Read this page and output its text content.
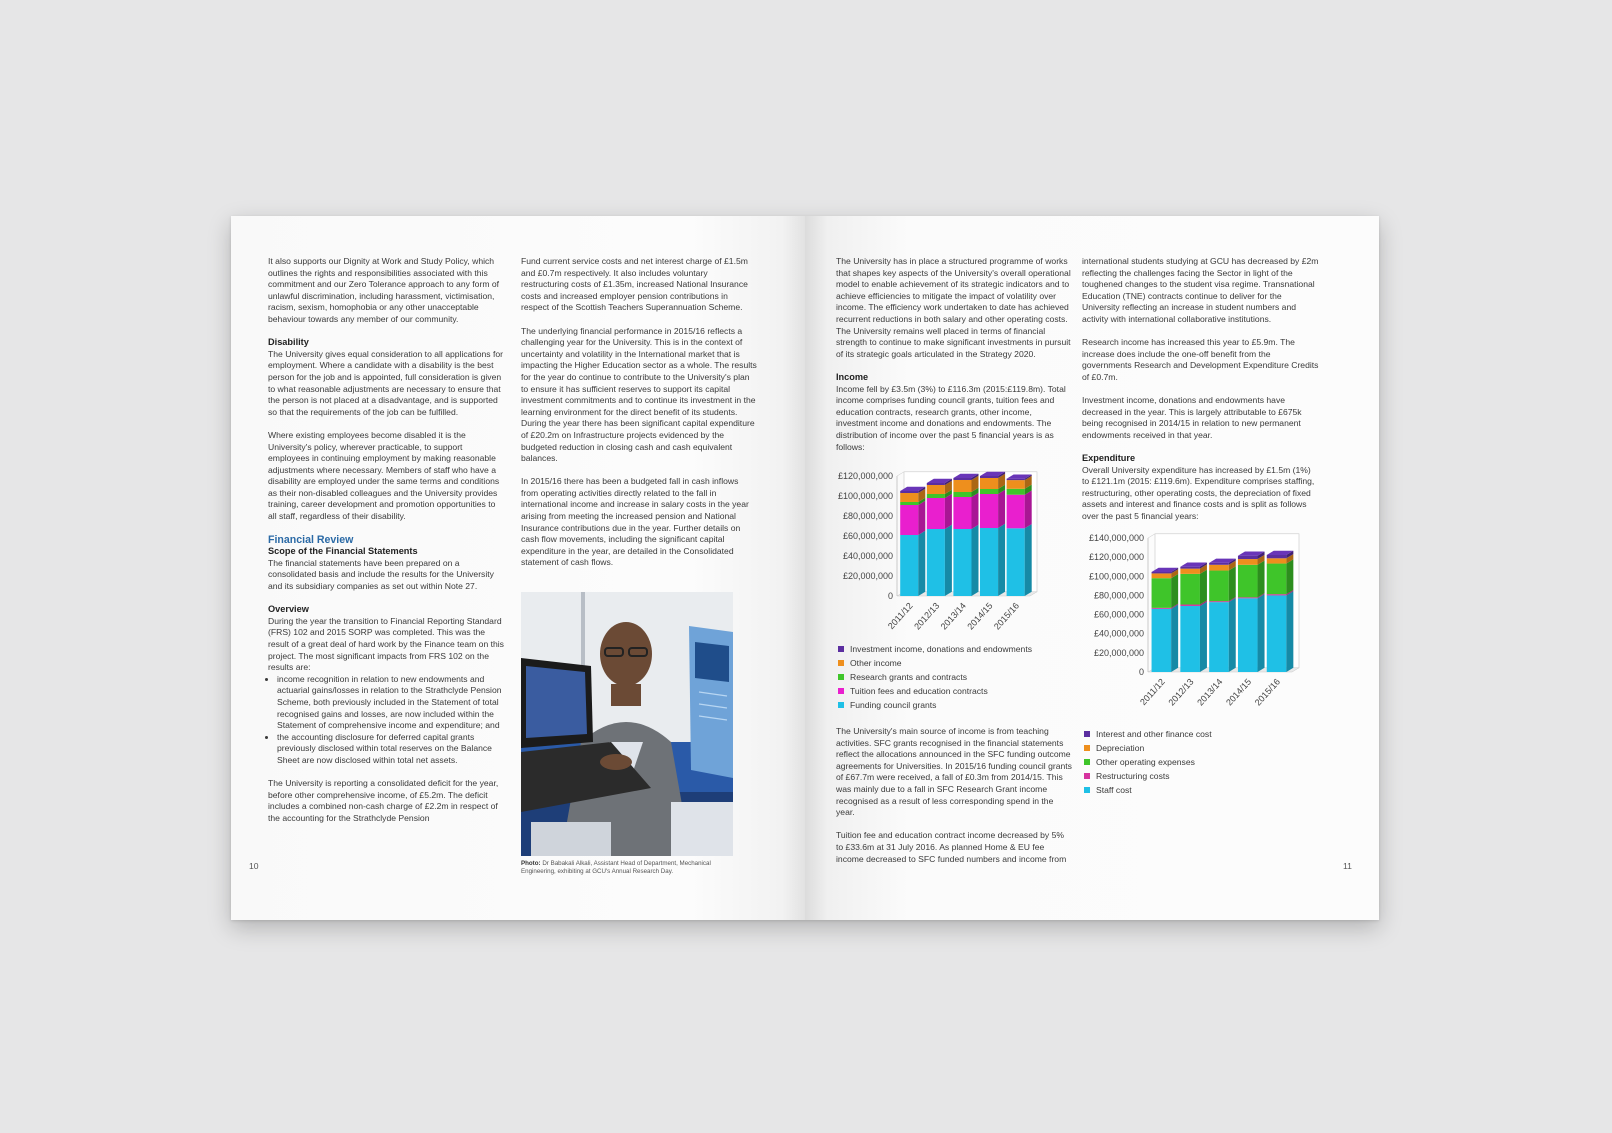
It also supports our Dignity at Work and Study Policy, which outlines the rights and responsibilities associated with this commitment and our Zero Tolerance approach to any form of unlawful discrimination, including harassment, victimisation, racism, sexism, homophobia or any other unacceptable behaviour towards any member of our community.

Disability

The University gives equal consideration to all applications for employment. Where a candidate with a disability is the best person for the job and is appointed, full consideration is given to what reasonable adjustments are necessary to ensure that the person is not placed at a disadvantage, and is supported so that the requirements of the job can be fulfilled.

Where existing employees become disabled it is the University's policy, wherever practicable, to support employees in continuing employment by making reasonable adjustments where necessary. Members of staff who have a disability are employed under the same terms and conditions as their non-disabled colleagues and the University provides training, career development and promotion opportunities to all staff, regardless of their disability.

Financial Review
Scope of the Financial Statements

The financial statements have been prepared on a consolidated basis and include the results for the University and its subsidiary companies as set out within Note 27.

Overview
During the year the transition to Financial Reporting Standard (FRS) 102 and 2015 SORP was completed. This was the result of a great deal of hard work by the Finance team on this project. The most significant impacts from FRS 102 on the results are:
• income recognition in relation to new endowments and actuarial gains/losses in relation to the Strathclyde Pension Scheme, both previously included in the Statement of total recognised gains and losses, are now included within the Statement of comprehensive income and expenditure; and
• the accounting disclosure for deferred capital grants previously disclosed within total reserves on the Balance Sheet are now disclosed within total net assets.

The University is reporting a consolidated deficit for the year, before other comprehensive income, of £5.2m. The deficit includes a combined non-cash charge of £2.2m in respect of the accounting for the Strathclyde Pension

Fund current service costs and net interest charge of £1.5m and £0.7m respectively. It also includes voluntary restructuring costs of £1.35m, increased National Insurance costs and increased employer pension contributions in respect of the Scottish Teachers Superannuation Scheme.

The underlying financial performance in 2015/16 reflects a challenging year for the University. This is in the context of uncertainty and volatility in the International market that is impacting the Higher Education sector as a whole. The results for the year do continue to contribute to the University's plan to ensure it has sufficient reserves to support its capital investment commitments and to continue its investment in the learning environment for the direct benefit of its students. During the year there has been significant capital expenditure of £20.2m on Infrastructure projects evidenced by the budgeted reduction in closing cash and cash equivalent balances.

In 2015/16 there has been a budgeted fall in cash inflows from operating activities directly related to the fall in international income and increase in salary costs in the year arising from meeting the increased pension and National Insurance contributions due in the year. Further details on cash flow movements, including the significant capital expenditure in the year, are detailed in the Consolidated statement of cash flows.

Photo: Dr Babakali Alkali, Assistant Head of Department, Mechanical Engineering, exhibiting at GCU's Annual Research Day.
10

The University has in place a structured programme of works that shapes key aspects of the University's overall operational model to enable achievement of its strategic indicators and to achieve efficiencies to mitigate the impact of volatility over income. The efficiency work undertaken to date has achieved recurrent reductions in both salary and other operating costs. The University remains well placed in terms of financial strength to continue to make significant investments in pursuit of its strategic goals articulated in the Strategy 2020.

Income
Income fell by £3.5m (3%) to £116.3m (2015:£119.8m). Total income comprises funding council grants, tuition fees and education contracts, research grants, other income, investment income and donations and endowments. The distribution of income over the past 5 financial years is as follows:
0
£20,000,000
£40,000,000
£60,000,000
£80,000,000
£100,000,000
£120,000,000
2011/12
2012/13
2013/14
2014/15
2015/16
Investment income, donations and endowments
Other income
Research grants and contracts
Tuition fees and education contracts
Funding council grants

The University's main source of income is from teaching activities. SFC grants recognised in the financial statements reflect the allocations announced in the SFC funding outcome agreements for Universities. In 2015/16 funding council grants of £67.7m were received, a fall of £0.3m from 2014/15. This was mainly due to a fall in SFC Research Grant income recognised as a result of less corresponding spend in the year.

Tuition fee and education contract income decreased by 5% to £33.6m at 31 July 2016. As planned Home & EU fee income decreased to SFC funded numbers and income from

international students studying at GCU has decreased by £2m reflecting the challenges facing the Sector in light of the toughened changes to the student visa regime. Transnational Education (TNE) contracts continue to deliver for the University reflecting an increase in student numbers and activity with international collaborative institutions.

Research income has increased this year to £5.9m. The increase does include the one-off benefit from the governments Research and Development Expenditure Credits of £0.7m.

Investment income, donations and endowments have decreased in the year. This is largely attributable to £675k being recognised in 2014/15 in relation to new permanent endowments received in that year.

Expenditure
Overall University expenditure has increased by £1.5m (1%) to £121.1m (2015: £119.6m). Expenditure comprises staffing, restructuring, other operating costs, the depreciation of fixed assets and interest and finance costs and is split as follows over the past 5 financial years:
0
£20,000,000
£40,000,000
£60,000,000
£80,000,000
£100,000,000
£120,000,000
£140,000,000
2011/12 2012/13 2013/14 2014/15 2015/16
Interest and other finance cost
Depreciation
Other operating expenses
Restructuring costs
Staff cost
11
